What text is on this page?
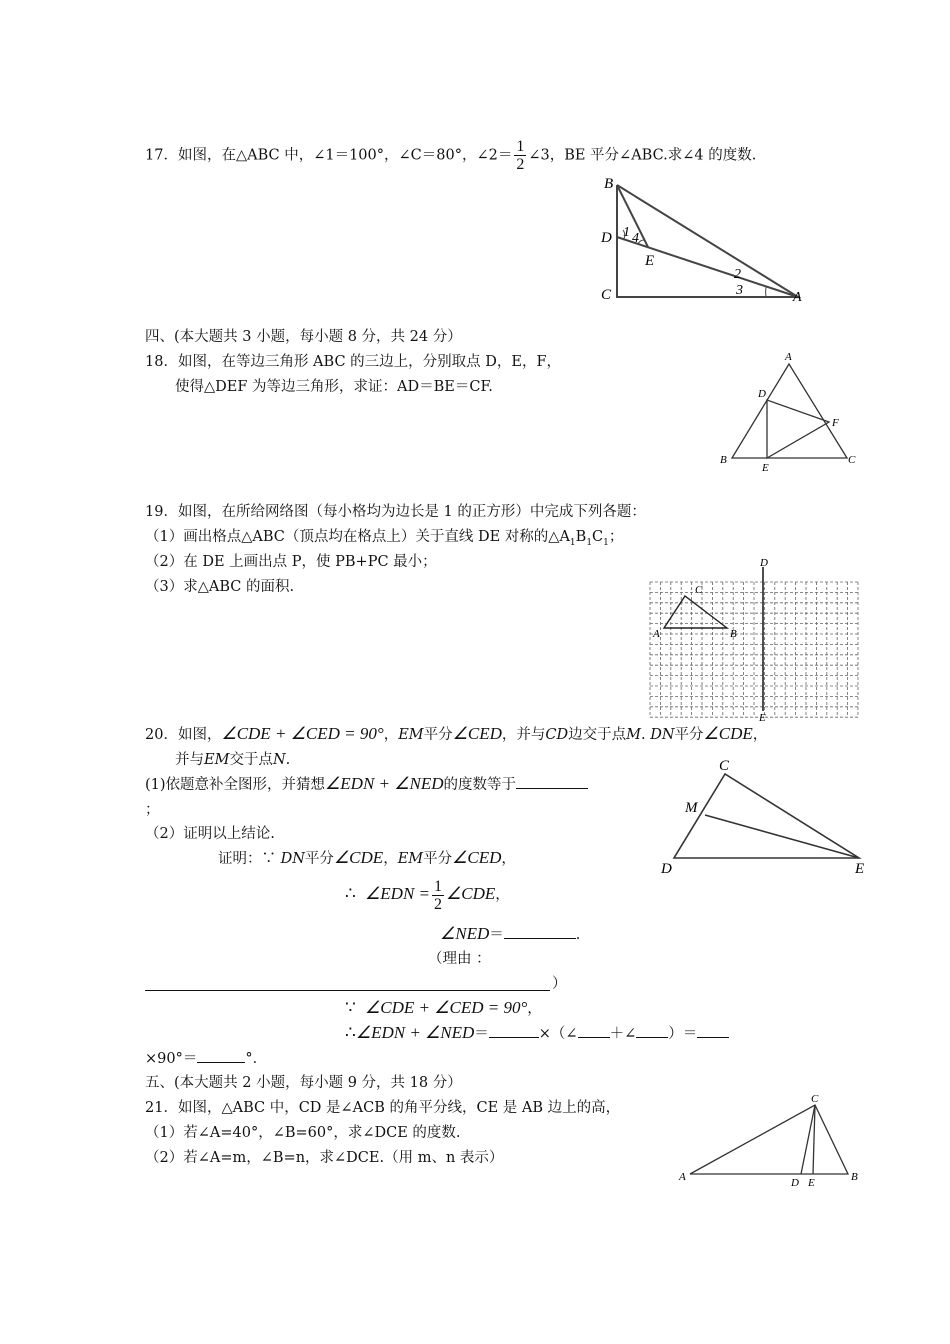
17．如图，在△ABC 中，∠1＝100°，∠C＝80°，∠2＝ $\frac{1}{2}$ ∠3，BE 平分∠ABC.求∠4 的度数.
B
D
C	A
E
1 4
2
3
四、(本大题共 3 小题，每小题 8 分，共 24 分）
18．如图，在等边三角形 ABC 的三边上，分别取点 D，E，F，
使得△DEF 为等边三角形，求证：AD＝BE＝CF.
A
B	C
D
E
F
19．如图，在所给网络图（每小格均为边长是 1 的正方形）中完成下列各题：
（1）画出格点△ABC（顶点均在格点上）关于直线 DE 对称的$\triangle A_1B_1C_1$；
（2）在 DE 上画出点 P，使 PB+PC 最小；
（3）求△ABC 的面积.
D
E
A	B
C
20．如图，∠CDE + ∠CED = 90°，EM平分∠CED，并与CD边交于点M. DN平分∠CDE，
并与EM交于点N.
(1)依题意补全图形，并猜想∠EDN + ∠NED的度数等于
；
（2）证明以上结论.
证明：∵ DN平分∠CDE，EM平分∠CED，
∴ ∠EDN = $\frac{1}{2}$ ∠CDE，
∠NED＝	.
（理由 ：
）
∵ ∠CDE + ∠CED = 90°，
∴∠EDN + ∠NED＝	×（∠ ＋∠ ）＝
×90°＝	°．
C
M
D	E
五、(本大题共 2 小题，每小题 9 分，共 18 分）
21．如图，△ABC 中，CD 是∠ACB 的角平分线，CE 是 AB 边上的高，
（1）若∠A=40°，∠B=60°，求∠DCE 的度数.
（2）若∠A=m，∠B=n，求∠DCE.（用 m、n 表示）
C
A	B
D E
